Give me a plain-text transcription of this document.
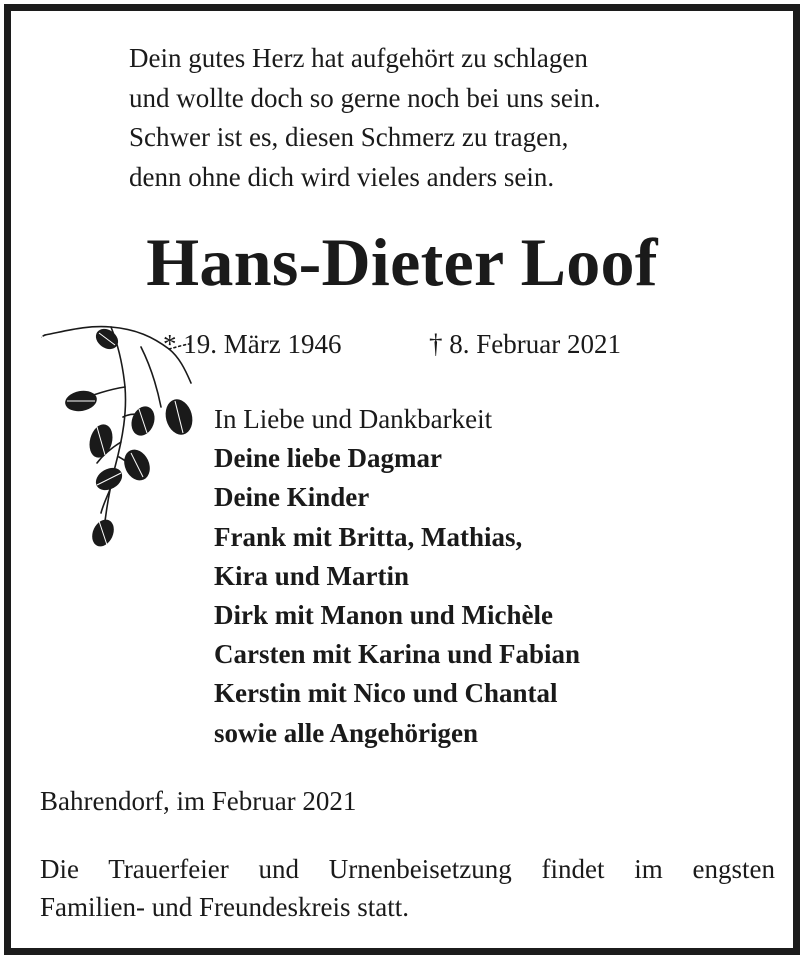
Dein gutes Herz hat aufgehört zu schlagen
und wollte doch so gerne noch bei uns sein.
Schwer ist es, diesen Schmerz zu tragen,
denn ohne dich wird vieles anders sein.
Hans-Dieter Loof
* 19. März 1946	† 8. Februar 2021
In Liebe und Dankbarkeit
Deine liebe Dagmar
Deine Kinder
Frank mit Britta, Mathias,
Kira und Martin
Dirk mit Manon und Michèle
Carsten mit Karina und Fabian
Kerstin mit Nico und Chantal
sowie alle Angehörigen
Bahrendorf, im Februar 2021
Die Trauerfeier und Urnenbeisetzung findet im engsten
Familien- und Freundeskreis statt.
